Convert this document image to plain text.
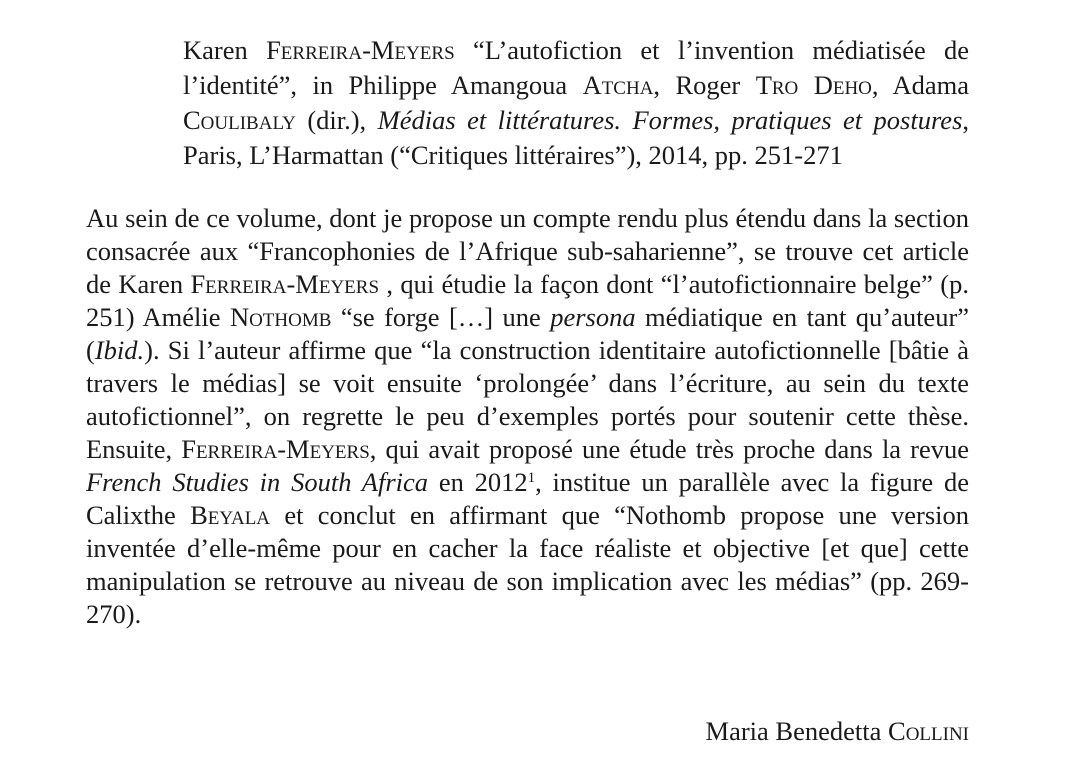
Karen Ferreira-Meyers “L’autofiction et l’invention médiatisée de l’identité”, in Philippe Amangoua Atcha, Roger Tro Deho, Adama Coulibaly (dir.), Médias et littératures. Formes, pratiques et postures, Paris, L’Harmattan (“Critiques littéraires”), 2014, pp. 251-271

Au sein de ce volume, dont je propose un compte rendu plus étendu dans la section consacrée aux “Francophonies de l’Afrique sub-saharienne”, se trouve cet article de Karen Ferreira-Meyers , qui étudie la façon dont “l’autofictionnaire belge” (p. 251) Amélie Nothomb “se forge […] une persona médiatique en tant qu’auteur” (Ibid.). Si l’auteur affirme que “la construction identitaire autofictionnelle [bâtie à travers le médias] se voit ensuite ‘prolongée’ dans l’écriture, au sein du texte autofictionnel”, on regrette le peu d’exemples portés pour soutenir cette thèse. Ensuite, Ferreira-Meyers, qui avait proposé une étude très proche dans la revue French Studies in South Africa en 2012$^1$, institue un parallèle avec la figure de Calixthe Beyala et conclut en affirmant que “Nothomb propose une version inventée d’elle-même pour en cacher la face réaliste et objective [et que] cette manipulation se retrouve au niveau de son implication avec les médias” (pp. 269-270).

Maria Benedetta Collini
